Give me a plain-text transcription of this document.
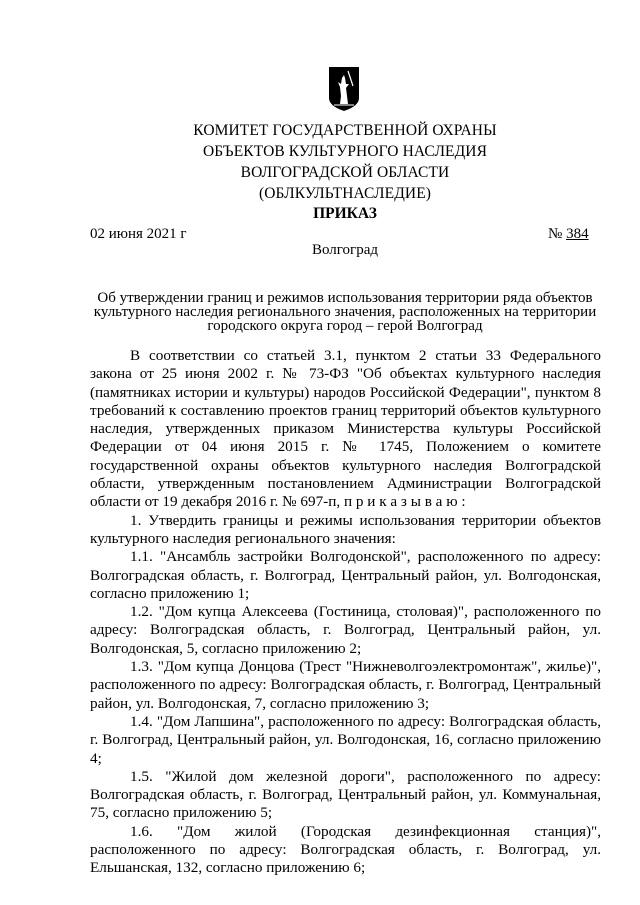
КОМИТЕТ ГОСУДАРСТВЕННОЙ ОХРАНЫ
ОБЪЕКТОВ КУЛЬТУРНОГО НАСЛЕДИЯ
ВОЛГОГРАДСКОЙ ОБЛАСТИ
(ОБЛКУЛЬТНАСЛЕДИЕ)
ПРИКАЗ
02 июня 2021 г	№ 384
Волгоград
Об утверждении границ и режимов использования территории ряда объектов
культурного наследия регионального значения, расположенных на территории
городского округа город – герой Волгоград

В соответствии со статьей 3.1, пунктом 2 статьи 33 Федерального закона от 25 июня 2002 г. № 73-ФЗ "Об объектах культурного наследия (памятниках истории и культуры) народов Российской Федерации", пунктом 8 требований к составлению проектов границ территорий объектов культурного наследия, утвержденных приказом Министерства культуры Российской Федерации от 04 июня 2015 г. № 1745, Положением о комитете государственной охраны объектов культурного наследия Волгоградской области, утвержденным постановлением Администрации Волгоградской области от 19 декабря 2016 г. № 697-п, п р и к а з ы в а ю :

1. Утвердить границы и режимы использования территории объектов культурного наследия регионального значения:

1.1. "Ансамбль застройки Волгодонской", расположенного по адресу: Волгоградская область, г. Волгоград, Центральный район, ул. Волгодонская, согласно приложению 1;

1.2. "Дом купца Алексеева (Гостиница, столовая)", расположенного по адресу: Волгоградская область, г. Волгоград, Центральный район, ул. Волгодонская, 5, согласно приложению 2;

1.3. "Дом купца Донцова (Трест "Нижневолгоэлектромонтаж", жилье)", расположенного по адресу: Волгоградская область, г. Волгоград, Центральный район, ул. Волгодонская, 7, согласно приложению 3;

1.4. "Дом Лапшина", расположенного по адресу: Волгоградская область, г. Волгоград, Центральный район, ул. Волгодонская, 16, согласно приложению 4;

1.5. "Жилой дом железной дороги", расположенного по адресу: Волгоградская область, г. Волгоград, Центральный район, ул. Коммунальная, 75, согласно приложению 5;

1.6. "Дом жилой (Городская дезинфекционная станция)", расположенного по адресу: Волгоградская область, г. Волгоград, ул. Ельшанская, 132, согласно приложению 6;
